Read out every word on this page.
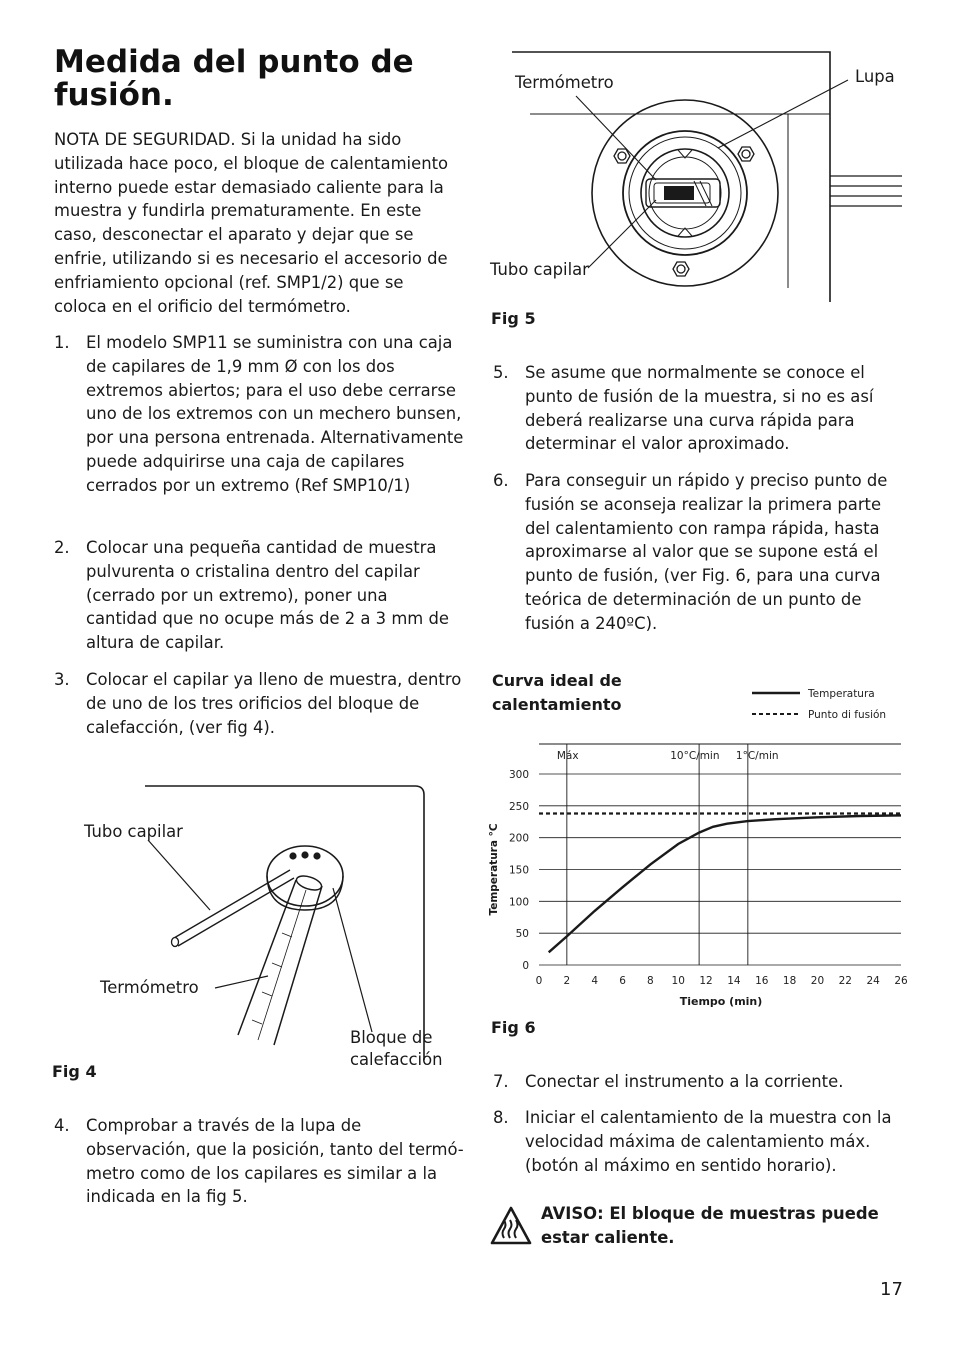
Medida del punto de fusión.

NOTA DE SEGURIDAD. Si la unidad ha sido utilizada hace poco, el bloque de calentamiento interno puede estar demasiado caliente para la muestra y fundirla prematuramente. En este caso, desconectar el aparato y dejar que se enfrie, utilizando si es necesario el accesorio de enfriamiento opcional (ref. SMP1/2) que se coloca en el orificio del termómetro.

1. El modelo SMP11 se suministra con una caja de capilares de 1,9 mm Ø con los dos extremos abiertos; para el uso debe cerrarse uno de los extremos con un mechero bunsen, por una persona entrenada. Alternativamente puede adquirirse una caja de capilares cerrados por un extremo (Ref SMP10/1)
2. Colocar una pequeña cantidad de muestra pulvurenta o cristalina dentro del capilar (cerrado por un extremo), poner una cantidad que no ocupe más de 2 a 3 mm de altura de capilar.
3. Colocar el capilar ya lleno de muestra, dentro de uno de los tres orificios del bloque de calefacción, (ver fig 4).
Tubo capilar
Termómetro
Bloque de
calefacción
Fig 4
4. Comprobar a través de la lupa de observación, que la posición, tanto del termó-metro como de los capilares es similar a la indicada en la fig 5.
Termómetro	Lupa
Tubo capilar
Fig 5
5. Se asume que normalmente se conoce el punto de fusión de la muestra, si no es así deberá realizarse una curva rápida para determinar el valor aproximado.
6. Para conseguir un rápido y preciso punto de fusión se aconseja realizar la primera parte del calentamiento con rampa rápida, hasta aproximarse al valor que se supone está el punto de fusión, (ver Fig. 6, para una curva teórica de determinación de un punto de fusión a 240ºC).
Curva ideal de
calentamiento
0
50
100
150
200
250
300
0 2 4 6 8 10 12 14 16 18 20 22 24 26
Máx	10°C/min 1°C/min
Temperatura
Punto di fusión
Tiempo (min)
Temperatura °C
Fig 6
7. Conectar el instrumento a la corriente.
8. Iniciar el calentamiento de la muestra con la velocidad máxima de calentamiento máx. (botón al máximo en sentido horario).
AVISO: El bloque de muestras puede
estar caliente.
17
